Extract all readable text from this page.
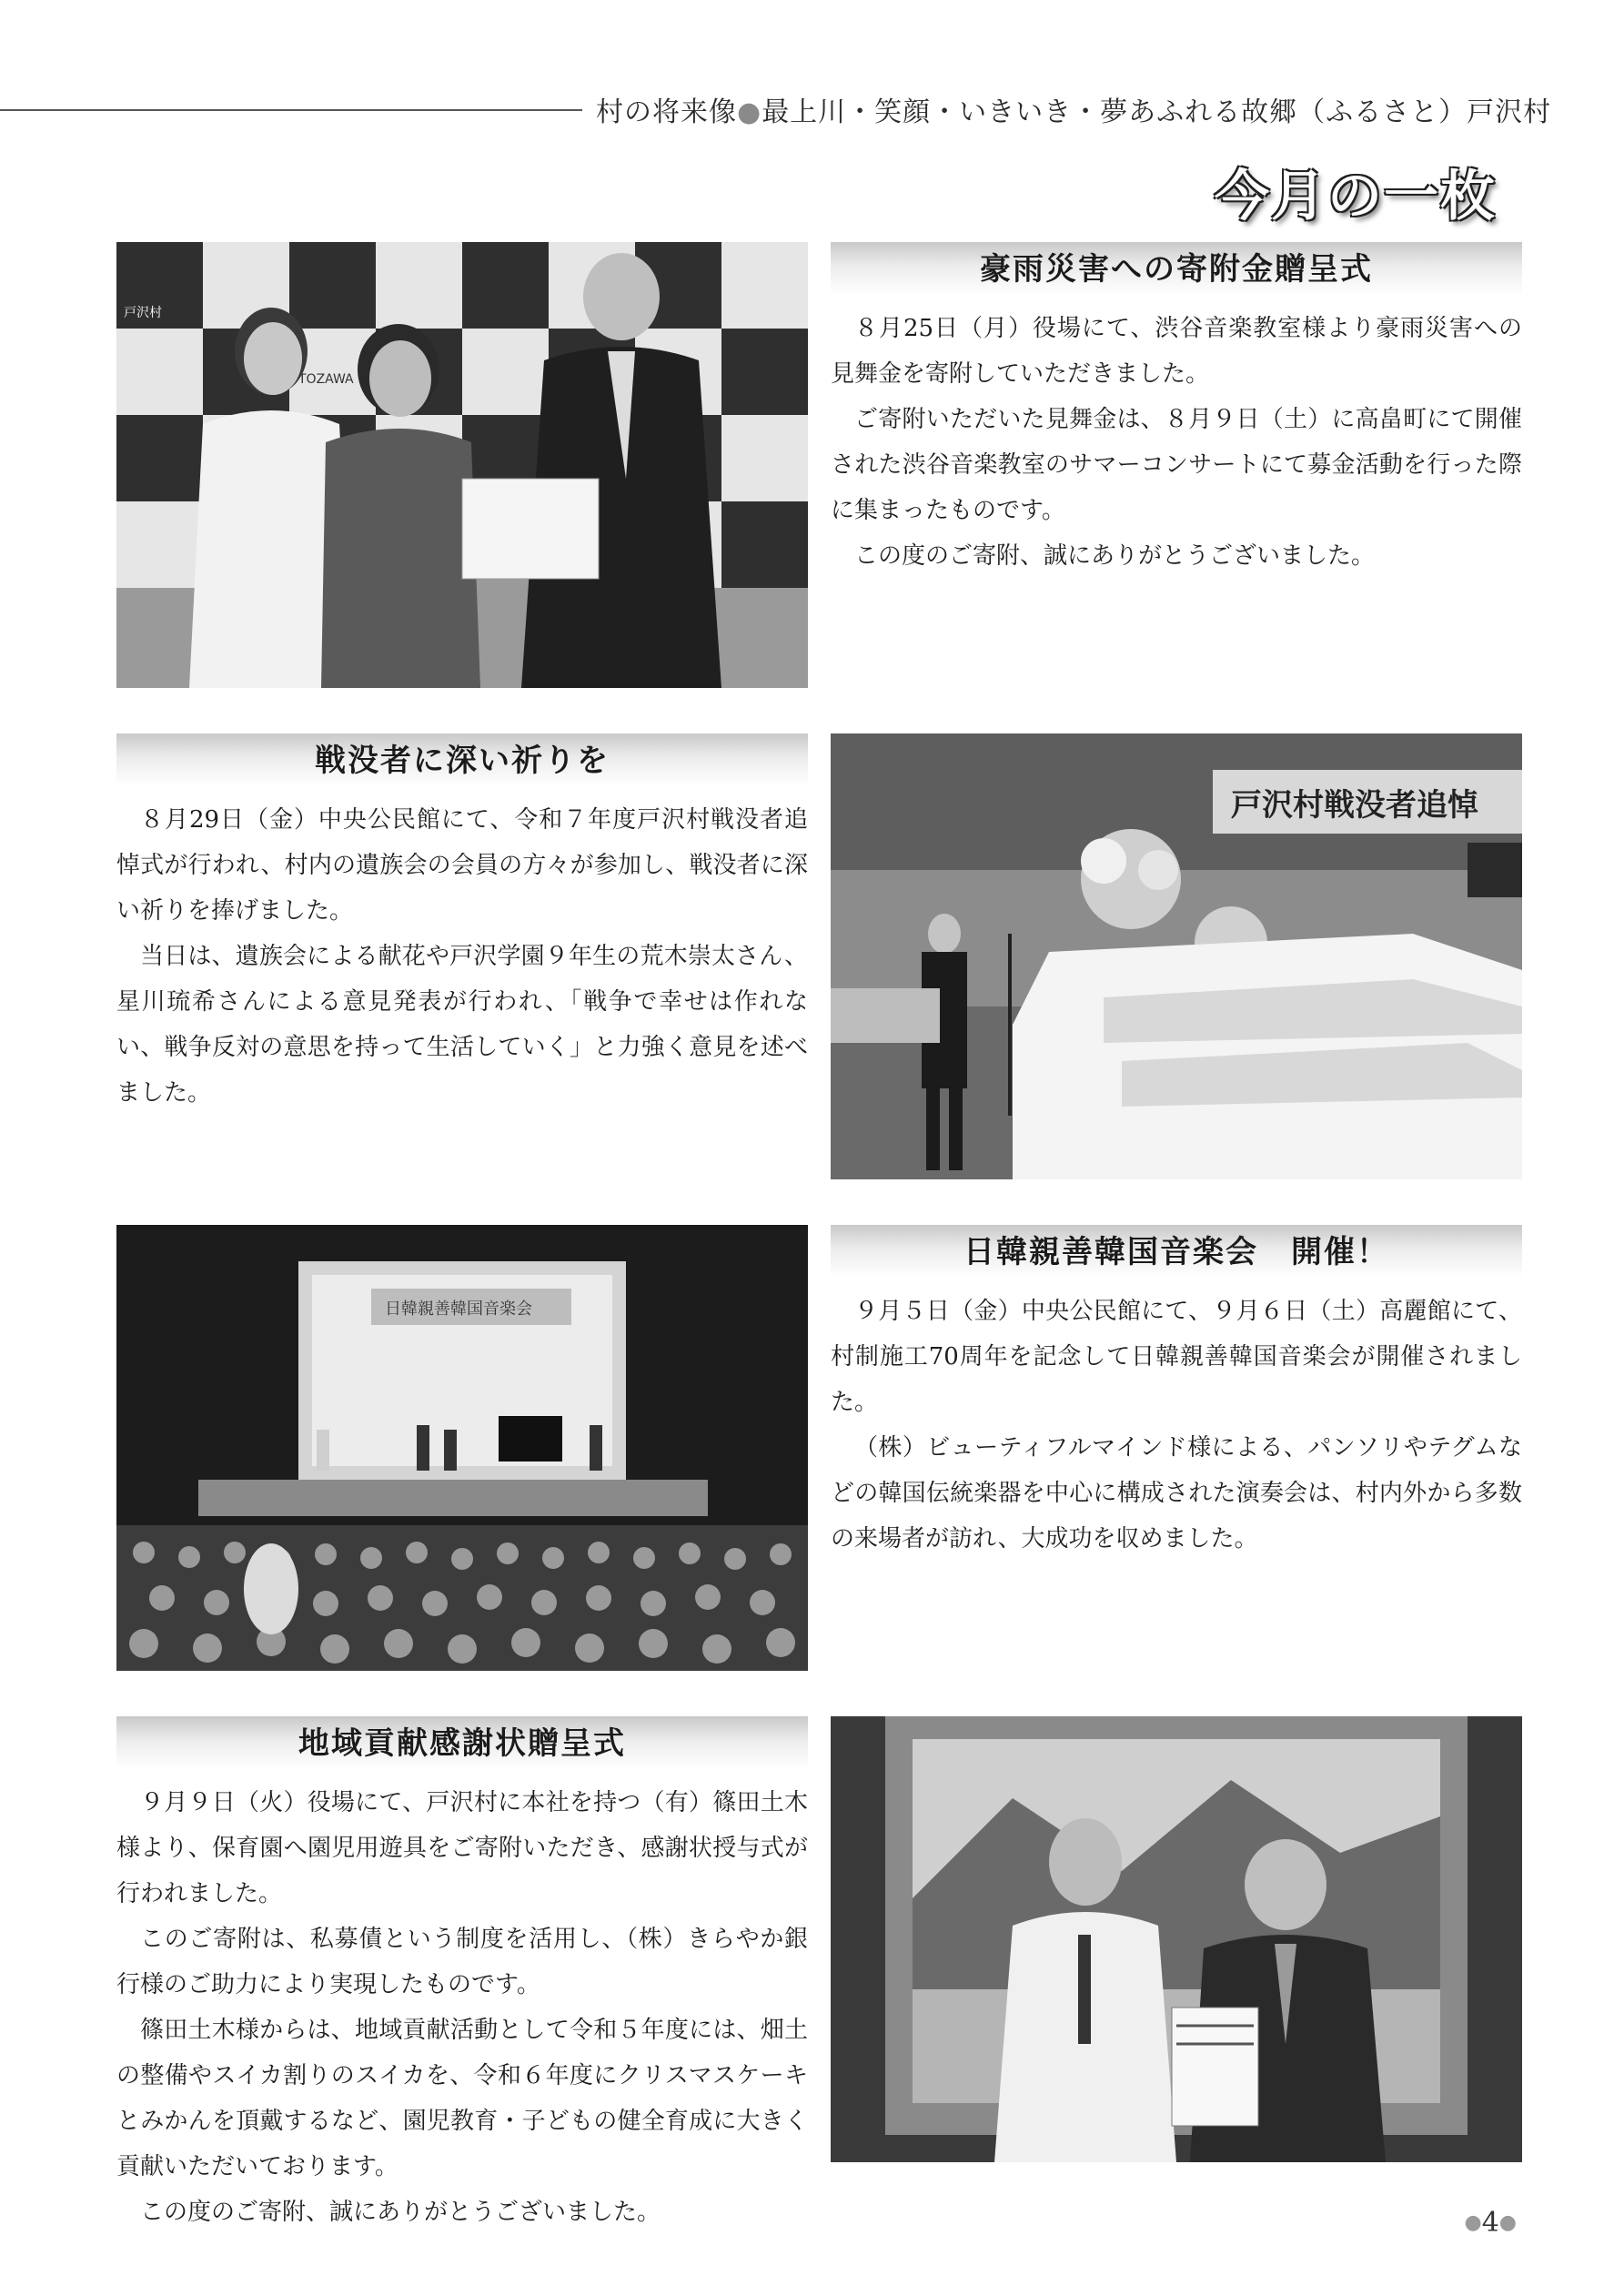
村の将来像●最上川・笑顔・いきいき・夢あふれる故郷（ふるさと）戸沢村
今月の一枚
戸沢村
TOZAWA
豪雨災害への寄附金贈呈式

８月25日（月）役場にて、渋谷音楽教室様より豪雨災害への見舞金を寄附していただきました。

ご寄附いただいた見舞金は、８月９日（土）に高畠町にて開催された渋谷音楽教室のサマーコンサートにて募金活動を行った際に集まったものです。

この度のご寄附、誠にありがとうございました。

戦没者に深い祈りを

８月29日（金）中央公民館にて、令和７年度戸沢村戦没者追悼式が行われ、村内の遺族会の会員の方々が参加し、戦没者に深い祈りを捧げました。

当日は、遺族会による献花や戸沢学園９年生の荒木崇太さん、星川琉希さんによる意見発表が行われ、「戦争で幸せは作れない、戦争反対の意思を持って生活していく」と力強く意見を述べました。

戸沢村戦没者追悼
日韓親善韓国音楽会
日韓親善韓国音楽会　開催！

９月５日（金）中央公民館にて、９月６日（土）高麗館にて、村制施工70周年を記念して日韓親善韓国音楽会が開催されました。

（株）ビューティフルマインド様による、パンソリやテグムなどの韓国伝統楽器を中心に構成された演奏会は、村内外から多数の来場者が訪れ、大成功を収めました。

地域貢献感謝状贈呈式

９月９日（火）役場にて、戸沢村に本社を持つ（有）篠田土木様より、保育園へ園児用遊具をご寄附いただき、感謝状授与式が行われました。

このご寄附は、私募債という制度を活用し、（株）きらやか銀行様のご助力により実現したものです。

篠田土木様からは、地域貢献活動として令和５年度には、畑土の整備やスイカ割りのスイカを、令和６年度にクリスマスケーキとみかんを頂戴するなど、園児教育・子どもの健全育成に大きく貢献いただいております。

この度のご寄附、誠にありがとうございました。	●4●
